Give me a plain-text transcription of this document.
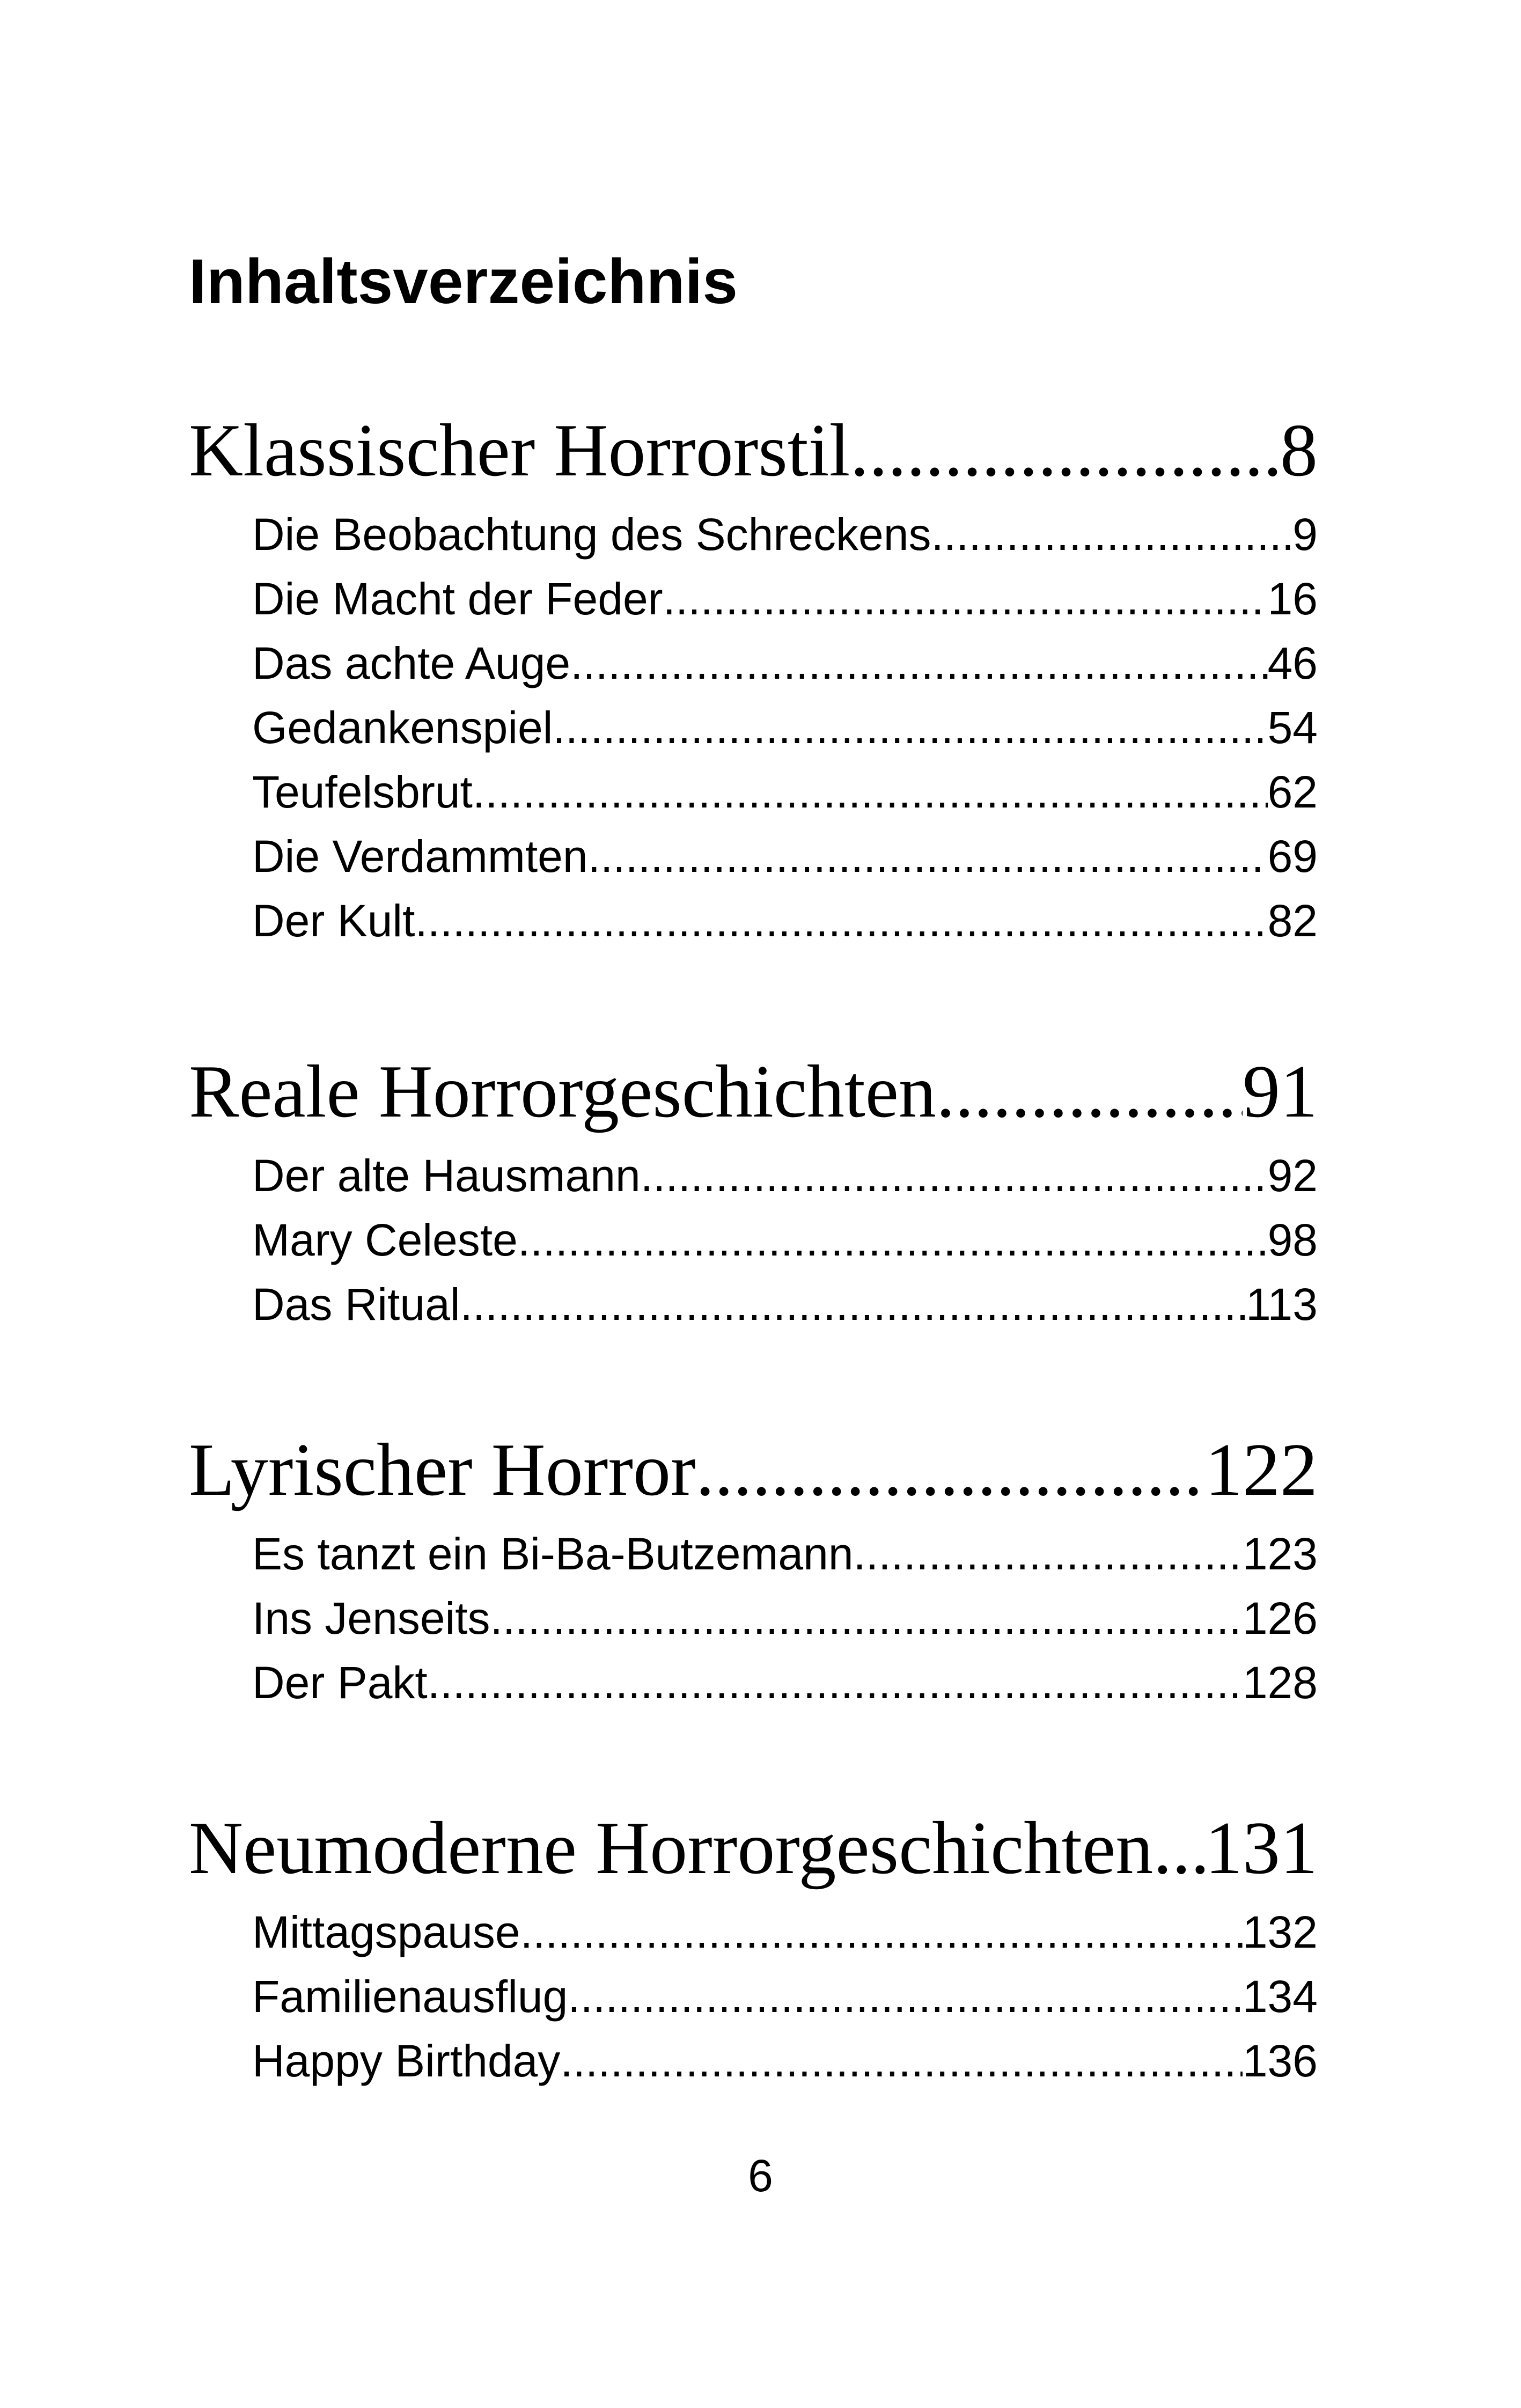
Inhaltsverzeichnis
Klassischer Horrorstil .....	8
Die Beobachtung des Schreckens .....	9
Die Macht der Feder .....	16
Das achte Auge .....	46
Gedankenspiel .....	54
Teufelsbrut .....	62
Die Verdammten .....	69
Der Kult .....	82
Reale Horrorgeschichten .....	91
Der alte Hausmann .....	92
Mary Celeste .....	98
Das Ritual .....	113
Lyrischer Horror .....	122
Es tanzt ein Bi-Ba-Butzemann .....	123
Ins Jenseits .....	126
Der Pakt .....	128
Neumoderne Horrorgeschichten ..... 131
Mittagspause .....	132
Familienausflug .....	134
Happy Birthday .....	136
6
